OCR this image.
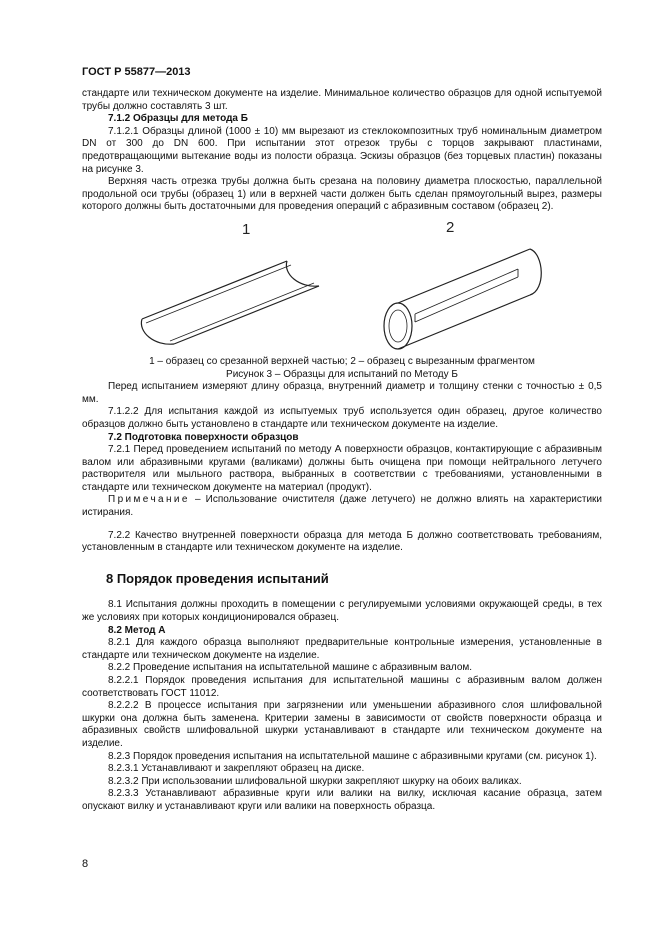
ГОСТ Р 55877—2013

стандарте или техническом документе на изделие. Минимальное количество образцов для одной испытуемой трубы должно составлять 3 шт.

7.1.2 Образцы для метода Б

7.1.2.1 Образцы длиной (1000 ± 10) мм вырезают из стеклокомпозитных труб номинальным диаметром DN от 300 до DN 600. При испытании этот отрезок трубы с торцов закрывают пластинами, предотвращающими вытекание воды из полости образца. Эскизы образцов (без торцевых пластин) показаны на рисунке 3.

Верхняя часть отрезка трубы должна быть срезана на половину диаметра плоскостью, параллельной продольной оси трубы (образец 1) или в верхней части должен быть сделан прямоугольный вырез, размеры которого должны быть достаточными для проведения операций с абразивным составом (образец 2).

1	2

1 – образец со срезанной верхней частью; 2 – образец с вырезанным фрагментом

Рисунок 3 – Образцы для испытаний по Методу Б

Перед испытанием измеряют длину образца, внутренний диаметр и толщину стенки с точностью ± 0,5 мм.

7.1.2.2 Для испытания каждой из испытуемых труб используется один образец, другое количество образцов должно быть установлено в стандарте или техническом документе на изделие.

7.2 Подготовка поверхности образцов

7.2.1 Перед проведением испытаний по методу А поверхности образцов, контактирующие с абразивным валом или абразивными кругами (валиками) должны быть очищена при помощи нейтрального летучего растворителя или мыльного раствора, выбранных в соответствии с требованиями, установленными в стандарте или техническом документе на материал (продукт).

Примечание – Использование очистителя (даже летучего) не должно влиять на характеристики истирания.

7.2.2 Качество внутренней поверхности образца для метода Б должно соответствовать требованиям, установленным в стандарте или техническом документе на изделие.

8 Порядок проведения испытаний

8.1 Испытания должны проходить в помещении с регулируемыми условиями окружающей среды, в тех же условиях при которых кондиционировался образец.

8.2 Метод А

8.2.1 Для каждого образца выполняют предварительные контрольные измерения, установленные в стандарте или техническом документе на изделие.

8.2.2 Проведение испытания на испытательной машине с абразивным валом.

8.2.2.1 Порядок проведения испытания для испытательной машины с абразивным валом должен соответствовать ГОСТ 11012.

8.2.2.2 В процессе испытания при загрязнении или уменьшении абразивного слоя шлифовальной шкурки она должна быть заменена. Критерии замены в зависимости от свойств поверхности образца и абразивных свойств шлифовальной шкурки устанавливают в стандарте или техническом документе на изделие.

8.2.3 Порядок проведения испытания на испытательной машине с абразивными кругами (см. рисунок 1).

8.2.3.1 Устанавливают и закрепляют образец на диске.

8.2.3.2 При использовании шлифовальной шкурки закрепляют шкурку на обоих валиках.

8.2.3.3 Устанавливают абразивные круги или валики на вилку, исключая касание образца, затем опускают вилку и устанавливают круги или валики на поверхность образца.

8
